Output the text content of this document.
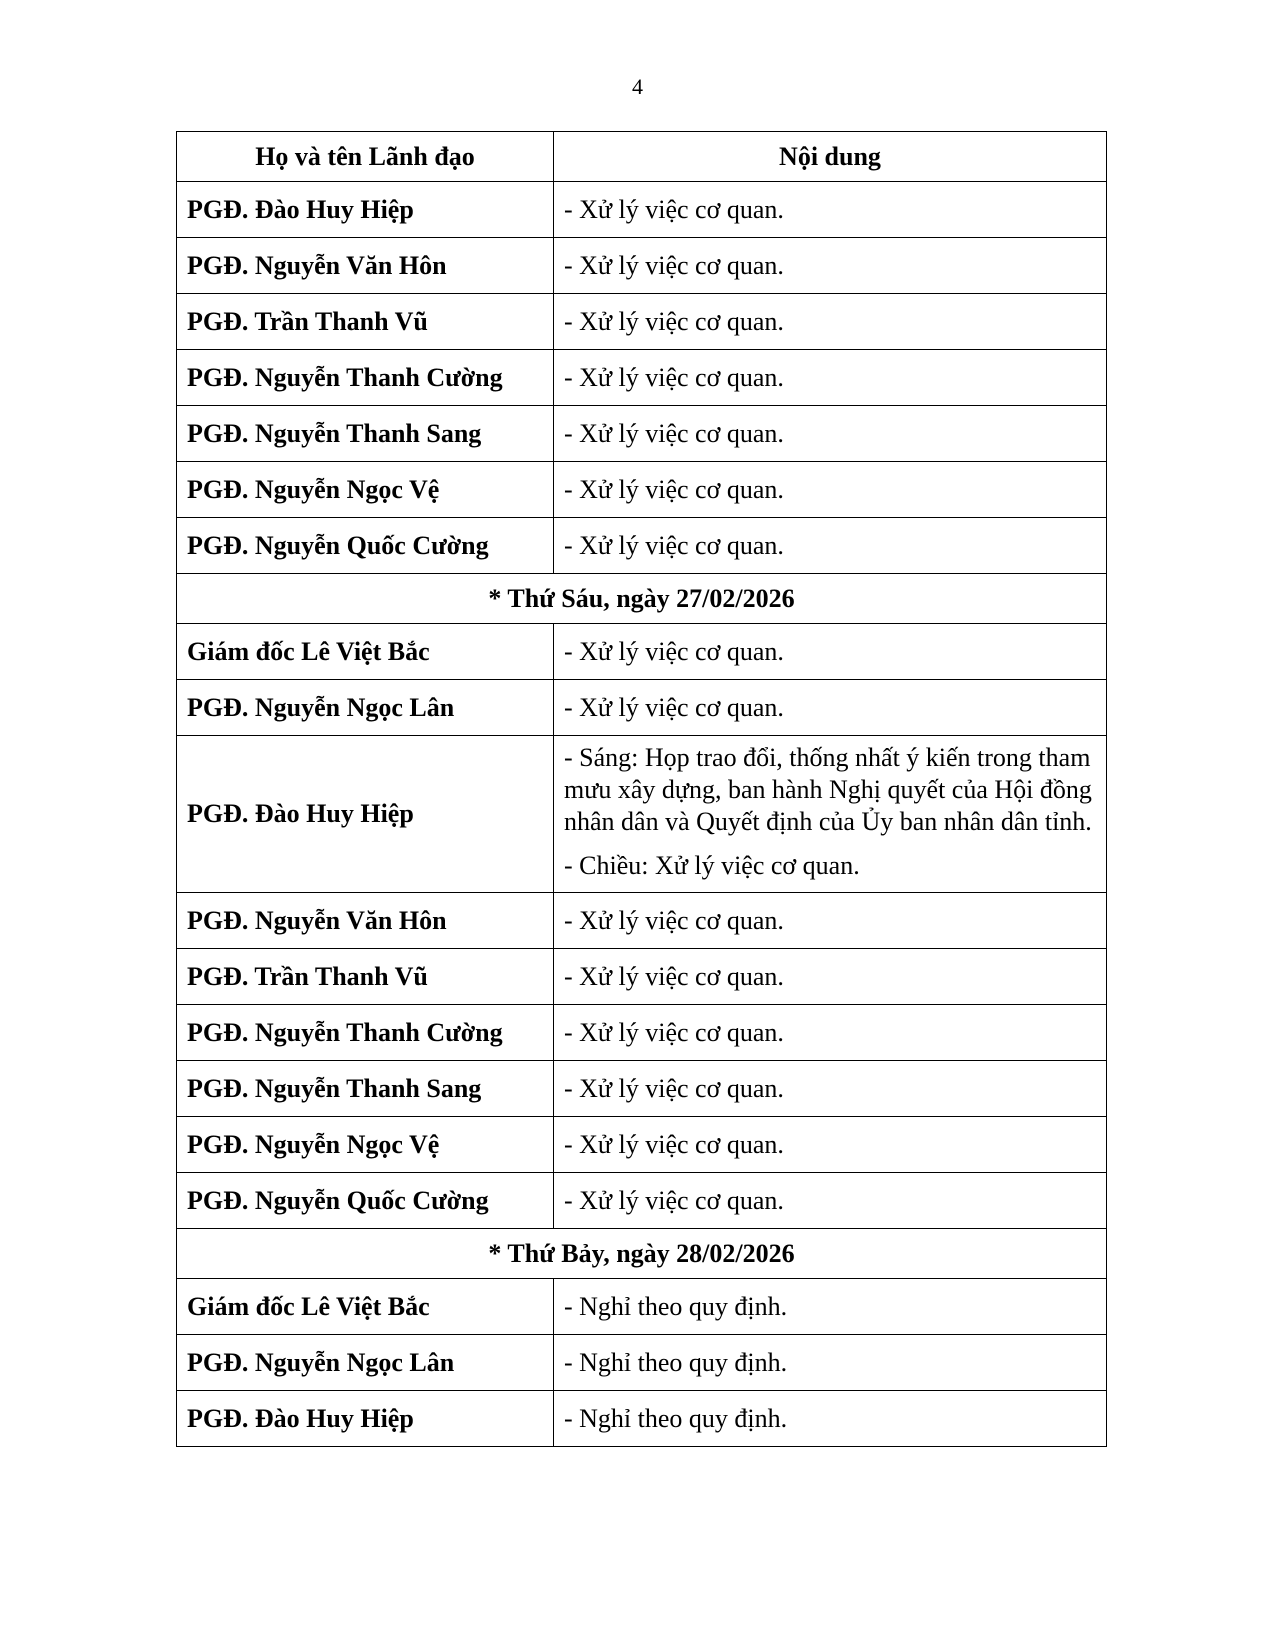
4
Họ và tên Lãnh đạo	Nội dung
PGĐ. Đào Huy Hiệp	- Xử lý việc cơ quan.

PGĐ. Nguyễn Văn Hôn	- Xử lý việc cơ quan.

PGĐ. Trần Thanh Vũ	- Xử lý việc cơ quan.

PGĐ. Nguyễn Thanh Cường	- Xử lý việc cơ quan.

PGĐ. Nguyễn Thanh Sang	- Xử lý việc cơ quan.

PGĐ. Nguyễn Ngọc Vệ	- Xử lý việc cơ quan.

PGĐ. Nguyễn Quốc Cường	- Xử lý việc cơ quan.

* Thứ Sáu, ngày 27/02/2026	
Giám đốc Lê Việt Bắc	- Xử lý việc cơ quan.

PGĐ. Nguyễn Ngọc Lân	- Xử lý việc cơ quan.

PGĐ. Đào Huy Hiệp	- Sáng: Họp trao đổi, thống nhất ý kiến trong tham mưu xây dựng, ban hành Nghị quyết của Hội đồng nhân dân và Quyết định của Ủy ban nhân dân tỉnh.

- Chiều: Xử lý việc cơ quan.

PGĐ. Nguyễn Văn Hôn	- Xử lý việc cơ quan.

PGĐ. Trần Thanh Vũ	- Xử lý việc cơ quan.

PGĐ. Nguyễn Thanh Cường	- Xử lý việc cơ quan.

PGĐ. Nguyễn Thanh Sang	- Xử lý việc cơ quan.

PGĐ. Nguyễn Ngọc Vệ	- Xử lý việc cơ quan.

PGĐ. Nguyễn Quốc Cường	- Xử lý việc cơ quan.

* Thứ Bảy, ngày 28/02/2026	
Giám đốc Lê Việt Bắc	- Nghỉ theo quy định.

PGĐ. Nguyễn Ngọc Lân	- Nghỉ theo quy định.

PGĐ. Đào Huy Hiệp	- Nghỉ theo quy định.
